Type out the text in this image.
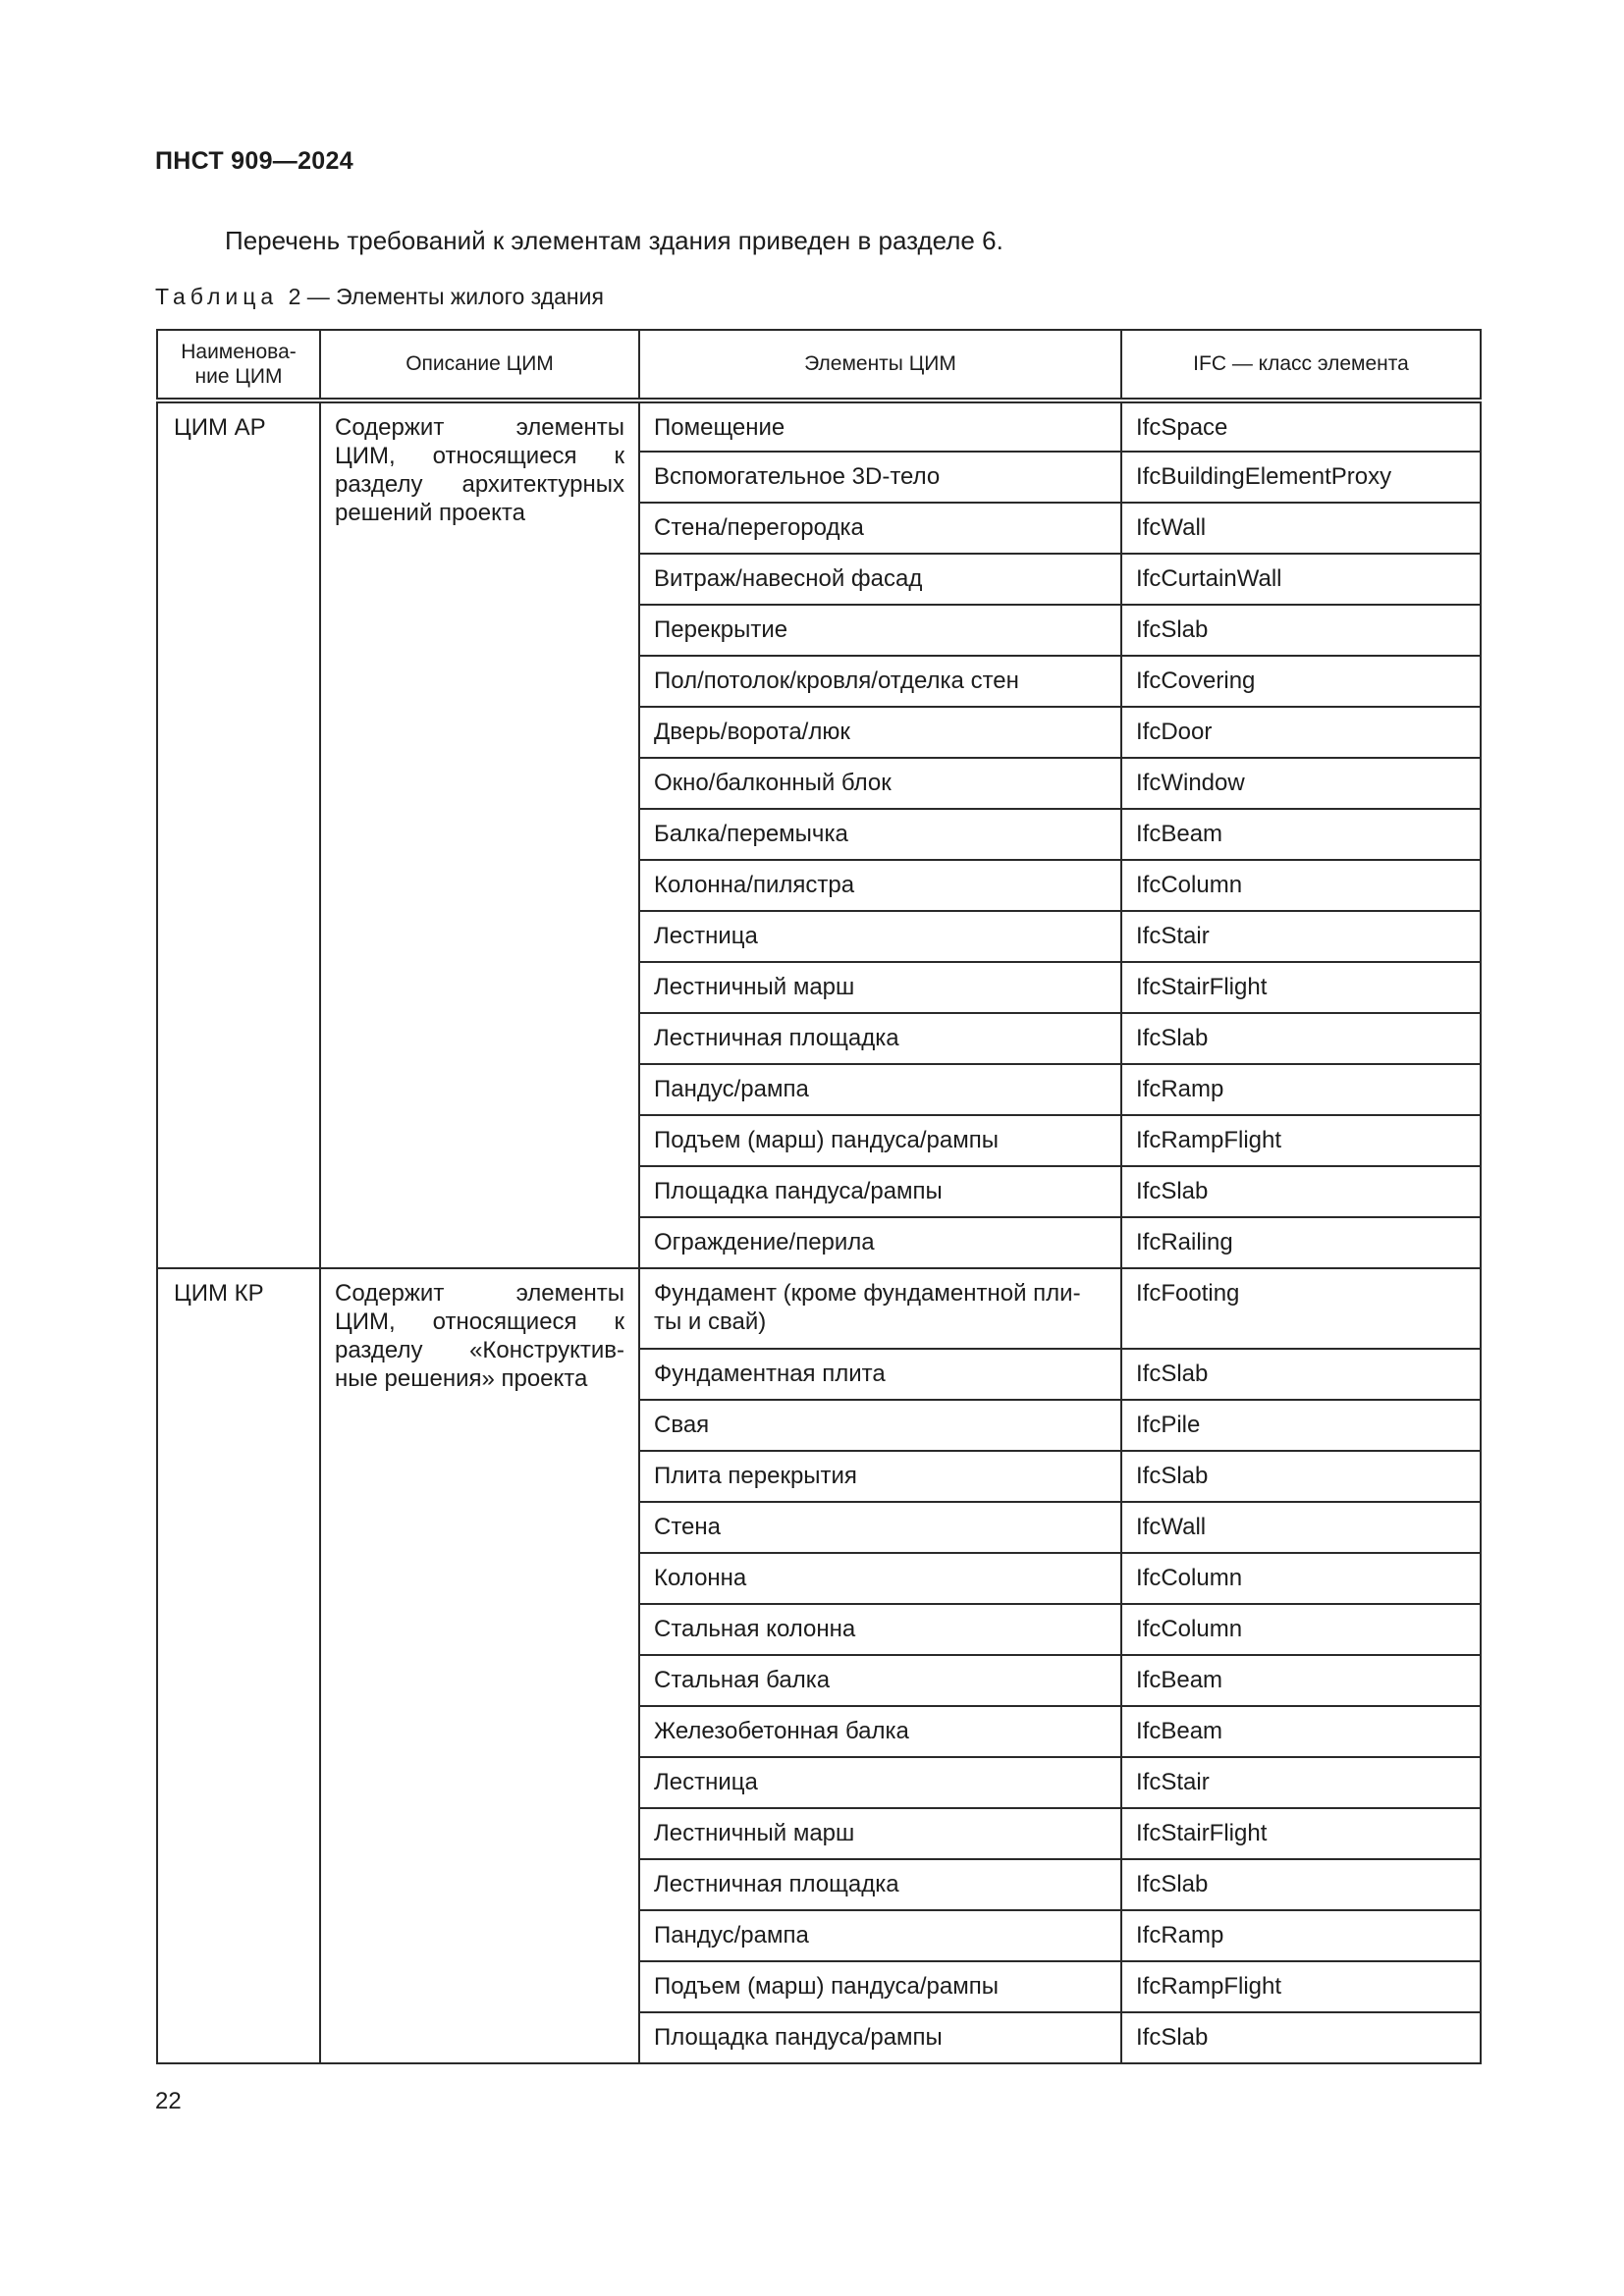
ПНСТ 909—2024
Перечень требований к элементам здания приведен в разделе 6.
Таблица 2 — Элементы жилого здания
Наименова-
ние ЦИМ	Описание ЦИМ	Элементы ЦИМ	IFC — класс элемента
ЦИМ АР	Содержит элементы ЦИМ, относящиеся к разделу архитектурных решений проекта	Помещение	IfcSpace
		Вспомогательное 3D-тело	IfcBuildingElementProxy
		Стена/перегородка	IfcWall
		Витраж/навесной фасад	IfcCurtainWall
		Перекрытие	IfcSlab
		Пол/потолок/кровля/отделка стен	IfcCovering
		Дверь/ворота/люк	IfcDoor
		Окно/балконный блок	IfcWindow
		Балка/перемычка	IfcBeam
		Колонна/пилястра	IfcColumn
		Лестница	IfcStair
		Лестничный марш	IfcStairFlight
		Лестничная площадка	IfcSlab
		Пандус/рампа	IfcRamp
		Подъем (марш) пандуса/рампы	IfcRampFlight
		Площадка пандуса/рампы	IfcSlab
		Ограждение/перила	IfcRailing
ЦИМ КР	Содержит элементы ЦИМ, относящиеся к разделу «Конструктив-ные решения» проекта	Фундамент (кроме фундаментной пли-ты и свай)	IfcFooting
		Фундаментная плита	IfcSlab
		Свая	IfcPile
		Плита перекрытия	IfcSlab
		Стена	IfcWall
		Колонна	IfcColumn
		Стальная колонна	IfcColumn
		Стальная балка	IfcBeam
		Железобетонная балка	IfcBeam
		Лестница	IfcStair
		Лестничный марш	IfcStairFlight
		Лестничная площадка	IfcSlab
		Пандус/рампа	IfcRamp
		Подъем (марш) пандуса/рампы	IfcRampFlight
		Площадка пандуса/рампы	IfcSlab
22
